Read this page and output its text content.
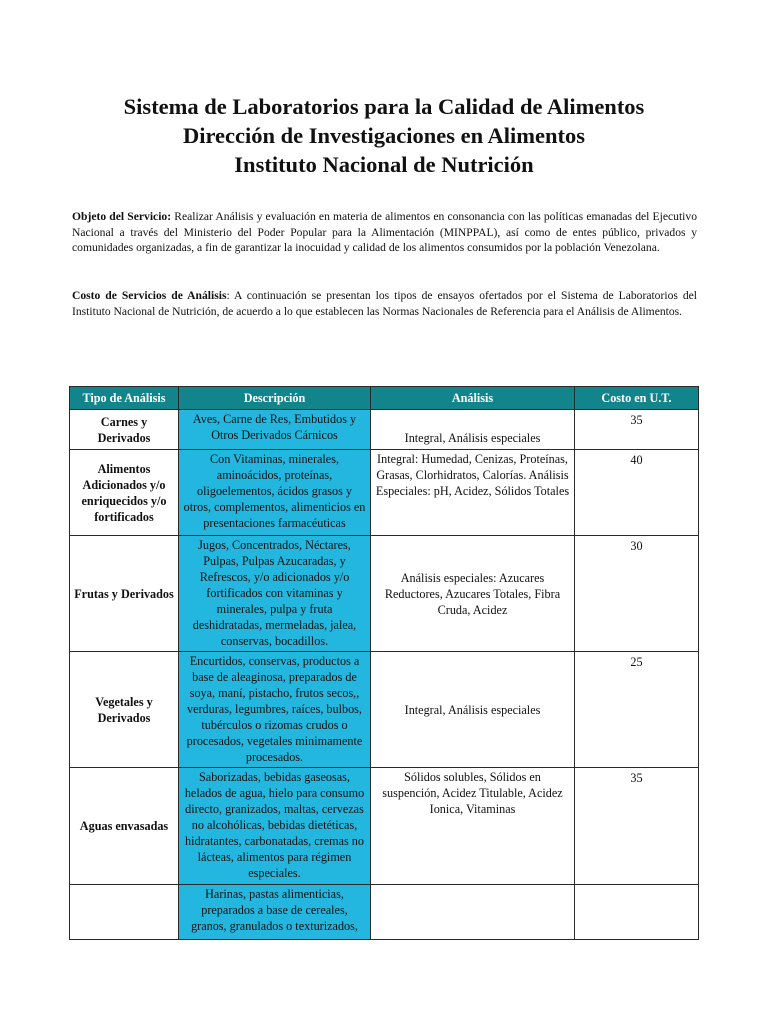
Sistema de Laboratorios para la Calidad de Alimentos
Dirección de Investigaciones en Alimentos
Instituto Nacional de Nutrición

Objeto del Servicio: Realizar Análisis y evaluación en materia de alimentos en consonancia con las políticas emanadas del Ejecutivo Nacional a través del Ministerio del Poder Popular para la Alimentación (MINPPAL), así como de entes público, privados y comunidades organizadas, a fin de garantizar la inocuidad y calidad de los alimentos consumidos por la población Venezolana.

Costo de Servicios de Análisis: A continuación se presentan los tipos de ensayos ofertados por el Sistema de Laboratorios del Instituto Nacional de Nutrición, de acuerdo a lo que establecen las Normas Nacionales de Referencia para el Análisis de Alimentos.

Tipo de Análisis	Descripción	Análisis	Costo en U.T.
Carnes y Derivados	Aves, Carne de Res, Embutidos y Otros Derivados Cárnicos	Integral, Análisis especiales	35
Alimentos Adicionados y/o enriquecidos y/o fortificados	Con Vitaminas, minerales, aminoácidos, proteínas, oligoelementos, ácidos grasos y otros, complementos, alimenticios en presentaciones farmacéuticas	Integral: Humedad, Cenizas, Proteínas, Grasas, Clorhidratos, Calorías. Análisis Especiales: pH, Acidez, Sólidos Totales	40
Frutas y Derivados	Jugos, Concentrados, Néctares, Pulpas, Pulpas Azucaradas, y Refrescos, y/o adicionados y/o fortificados con vitaminas y minerales, pulpa y fruta deshidratadas, mermeladas, jalea, conservas, bocadillos.	Análisis especiales: Azucares Reductores, Azucares Totales, Fibra Cruda, Acidez	30
Vegetales y Derivados	Encurtidos, conservas, productos a base de aleaginosa, preparados de soya, maní, pistacho, frutos secos,, verduras, legumbres, raíces, bulbos, tubérculos o rizomas crudos o procesados, vegetales minimamente procesados.	Integral, Análisis especiales	25
Aguas envasadas	Saborizadas, bebidas gaseosas, helados de agua, hielo para consumo directo, granizados, maltas, cervezas no alcohólicas, bebidas dietéticas, hidratantes, carbonatadas, cremas no lácteas, alimentos para régimen especiales.	Sólidos solubles, Sólidos en suspención, Acidez Titulable, Acidez Ionica, Vitaminas	35
	Harinas, pastas alimenticias, preparados a base de cereales, granos, granulados o texturizados,		
